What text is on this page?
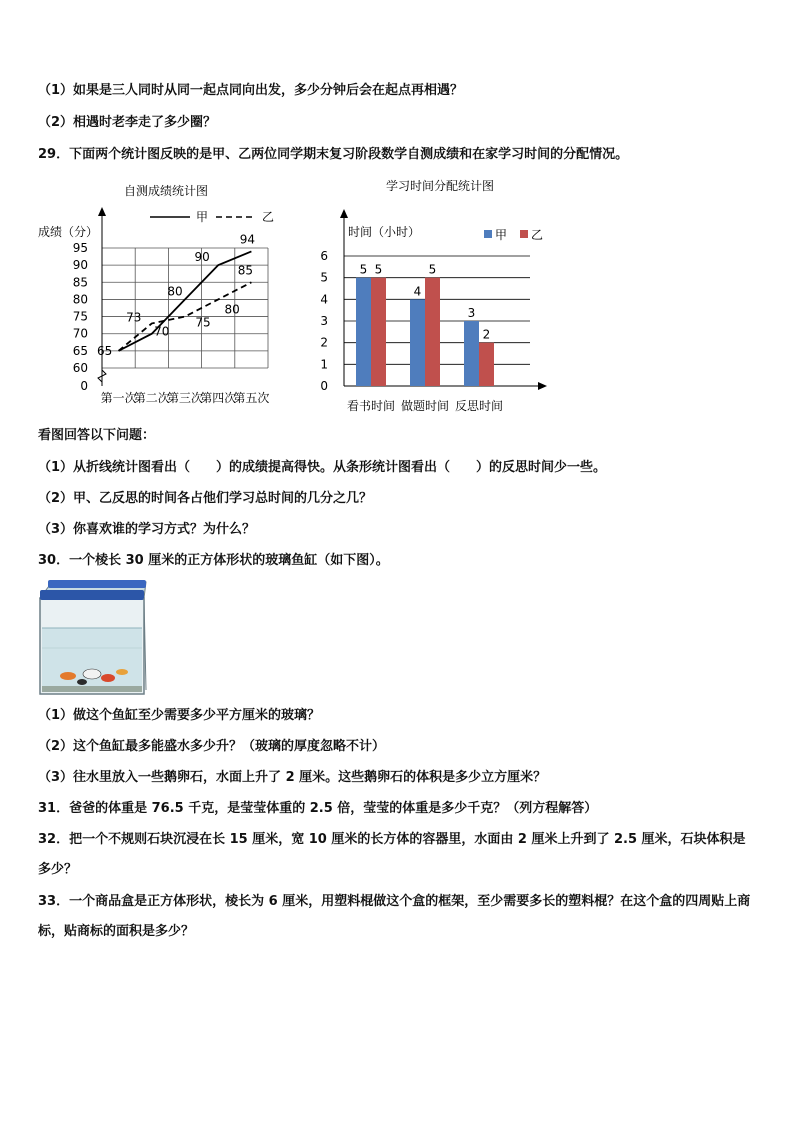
（1）如果是三人同时从同一起点同向出发，多少分钟后会在起点再相遇？
（2）相遇时老李走了多少圈？
29．下面两个统计图反映的是甲、乙两位同学期末复习阶段数学自测成绩和在家学习时间的分配情况。
自测成绩统计图
成绩（分）
甲	乙
60
65
70
75
80
85
90
95
0
第一次
第二次
第三次
第四次
第五次
65
70
80
90
94
73	75
80
85
学习时间分配统计图
时间（小时）	甲 乙
0
1
2
3
4
5
6
5 5
看书时间
4
5
做题时间
3
2
反思时间
看图回答以下问题：
（1）从折线统计图看出（　　）的成绩提高得快。从条形统计图看出（　　）的反思时间少一些。
（2）甲、乙反思的时间各占他们学习总时间的几分之几？
（3）你喜欢谁的学习方式？为什么？
30．一个棱长 30 厘米的正方体形状的玻璃鱼缸（如下图）。
（1）做这个鱼缸至少需要多少平方厘米的玻璃？
（2）这个鱼缸最多能盛水多少升？（玻璃的厚度忽略不计）
（3）往水里放入一些鹅卵石，水面上升了 2 厘米。这些鹅卵石的体积是多少立方厘米？
31．爸爸的体重是 76.5 千克，是莹莹体重的 2.5 倍，莹莹的体重是多少千克？（列方程解答）
32．把一个不规则石块沉浸在长 15 厘米，宽 10 厘米的长方体的容器里，水面由 2 厘米上升到了 2.5 厘米，石块体积是多少？
33．一个商品盒是正方体形状，棱长为 6 厘米，用塑料棍做这个盒的框架，至少需要多长的塑料棍？在这个盒的四周贴上商标，贴商标的面积是多少？
